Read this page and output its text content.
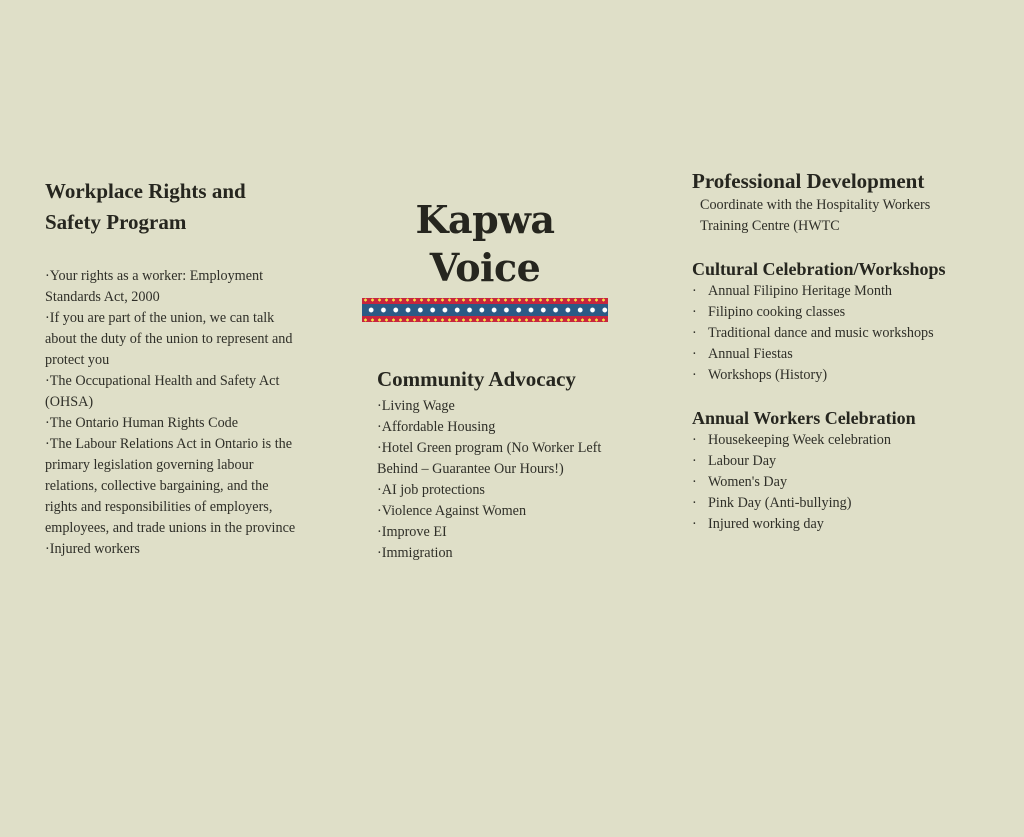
Workplace Rights and
Safety Program

·Your rights as a worker: Employment Standards Act, 2000

·If you are part of the union, we can talk about the duty of the union to represent and protect you

·The Occupational Health and Safety Act (OHSA)

·The Ontario Human Rights Code

·The Labour Relations Act in Ontario is the primary legislation governing labour relations, collective bargaining, and the rights and responsibilities of employers, employees, and trade unions in the province

·Injured workers

Kapwa Voice
Community Advocacy

·Living Wage

·Affordable Housing

·Hotel Green program (No Worker Left Behind – Guarantee Our Hours!)

·AI job protections

·Violence Against Women

·Improve EI

·Immigration

Professional Development

Coordinate with the Hospitality Workers Training Centre (HWTC

Cultural Celebration/Workshops

· Annual Filipino Heritage Month

· Filipino cooking classes

· Traditional dance and music workshops

· Annual Fiestas

· Workshops (History)

Annual Workers Celebration

· Housekeeping Week celebration

· Labour Day

· Women's Day

· Pink Day (Anti-bullying)

· Injured working day
